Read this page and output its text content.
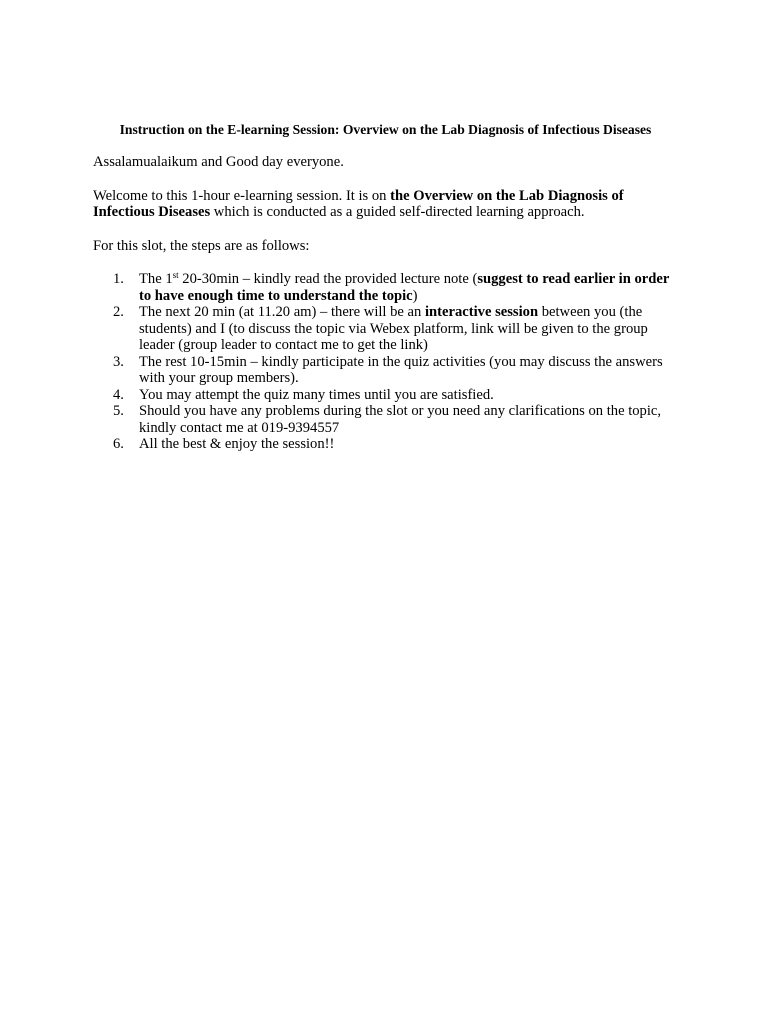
Instruction on the E-learning Session: Overview on the Lab Diagnosis of Infectious Diseases

Assalamualaikum and Good day everyone.

Welcome to this 1-hour e-learning session. It is on the Overview on the Lab Diagnosis of Infectious Diseases which is conducted as a guided self-directed learning approach.

For this slot, the steps are as follows:

1.	The 1st 20-30min – kindly read the provided lecture note (suggest to read earlier in order to have enough time to understand the topic)
2.	The next 20 min (at 11.20 am) – there will be an interactive session between you (the students) and I (to discuss the topic via Webex platform, link will be given to the group leader (group leader to contact me to get the link)
3.	The rest 10-15min – kindly participate in the quiz activities (you may discuss the answers with your group members).
4.	You may attempt the quiz many times until you are satisfied.
5.	Should you have any problems during the slot or you need any clarifications on the topic, kindly contact me at 019-9394557
6.	All the best & enjoy the session!!
